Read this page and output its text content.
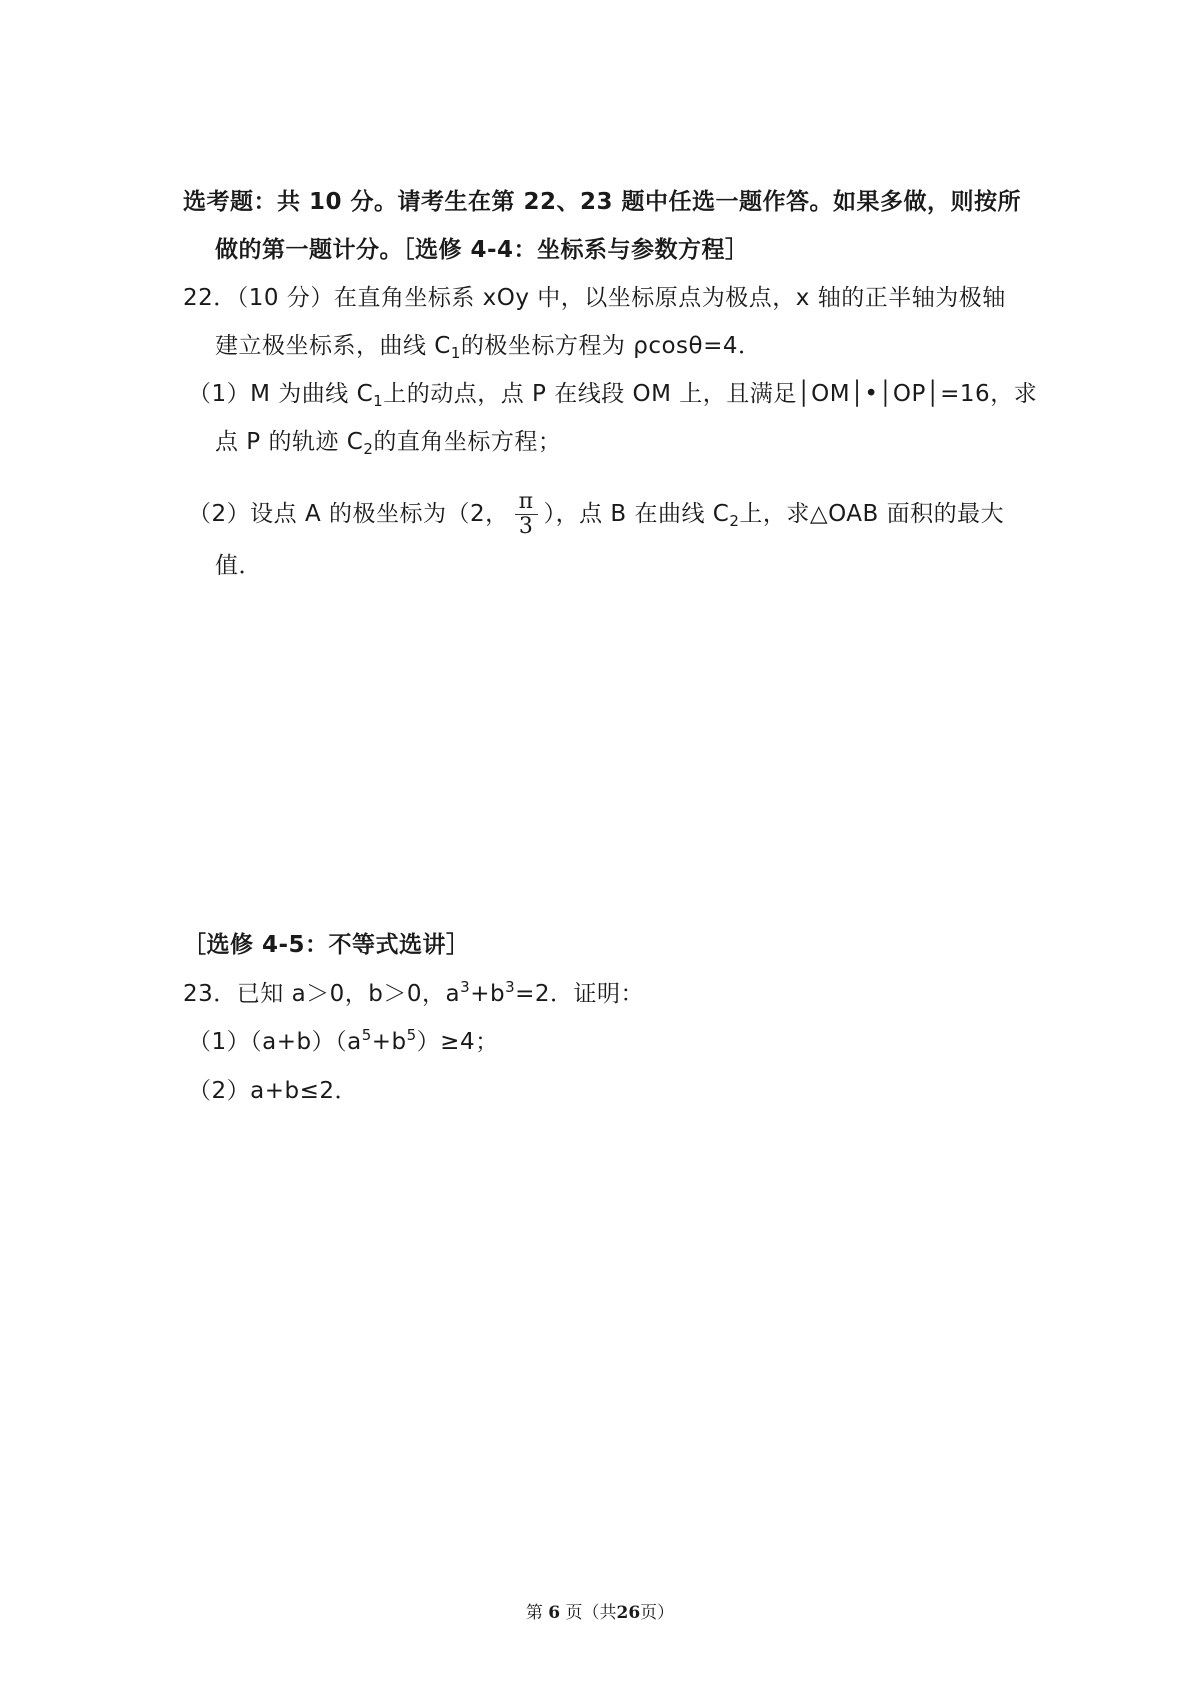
选考题：共 10 分。请考生在第 22、23 题中任选一题作答。如果多做，则按所
做的第一题计分。［选修 4-4：坐标系与参数方程］
22．（10 分）在直角坐标系 xOy 中，以坐标原点为极点，x 轴的正半轴为极轴
建立极坐标系，曲线 $C_1$的极坐标方程为 ρcosθ=4．
（1）M 为曲线 $C_1$上的动点，点 P 在线段 OM 上，且满足│OM│•│OP│=16，求
点 P 的轨迹 $C_2$的直角坐标方程；
（2）设点 A 的极坐标为（2， $\frac{\pi}{3}$ ），点 B 在曲线 $C_2$上，求△OAB 面积的最大
值．
［选修 4-5：不等式选讲］
23．已知 a＞0，b＞0，$a^3+b^3=2$．证明：
$(1)(a+b)(a^5+b^5)\ge 4$；
（2）a+b≤2．
第 6 页（共26页）
